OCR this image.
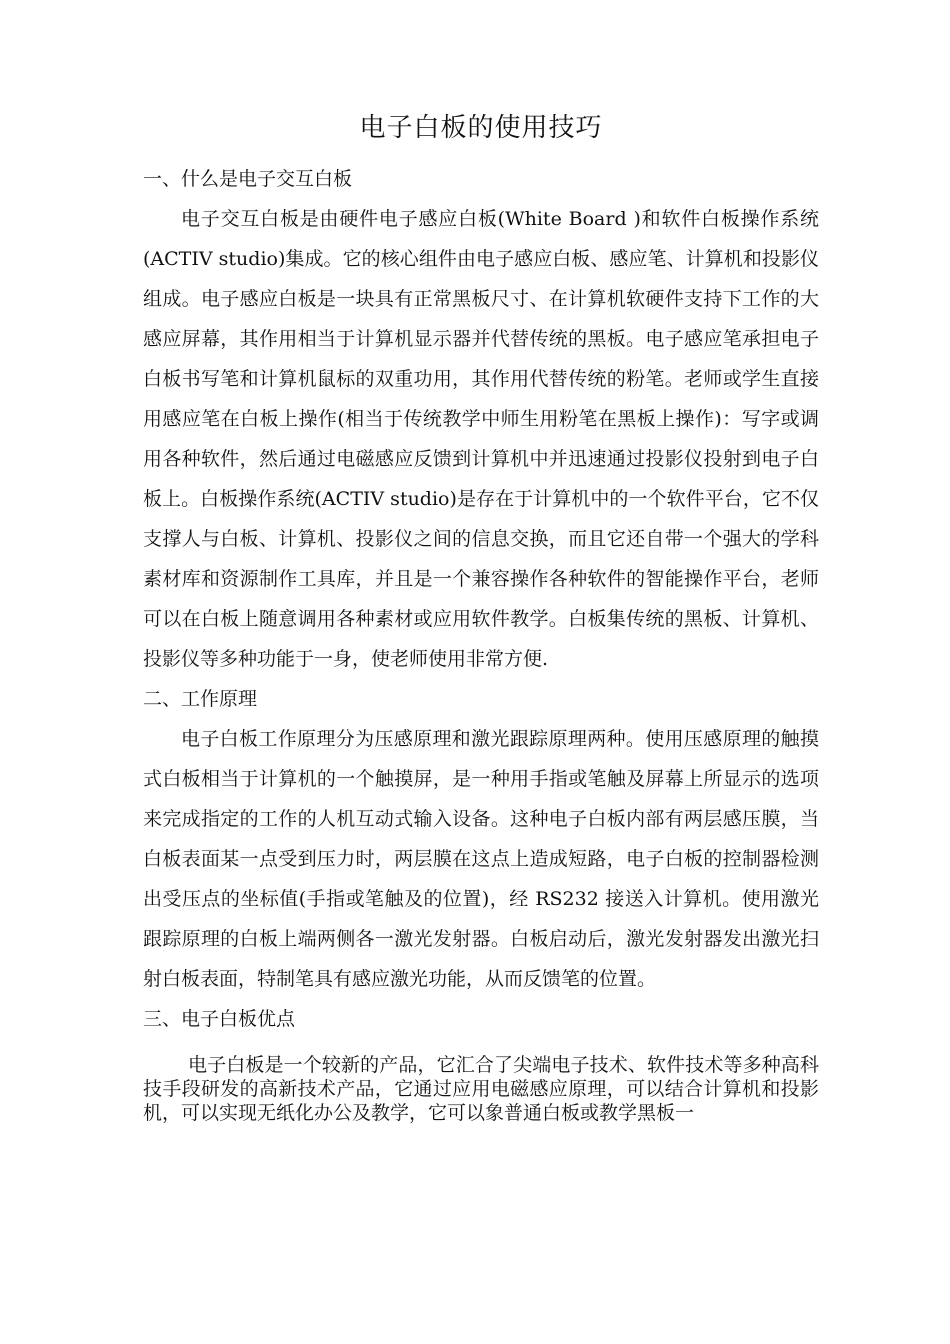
电子白板的使用技巧
一、什么是电子交互白板

电子交互白板是由硬件电子感应白板(White Board )和软件白板操作系统(ACTIV studio)集成。它的核心组件由电子感应白板、感应笔、计算机和投影仪组成。电子感应白板是一块具有正常黑板尺寸、在计算机软硬件支持下工作的大感应屏幕，其作用相当于计算机显示器并代替传统的黑板。电子感应笔承担电子白板书写笔和计算机鼠标的双重功用，其作用代替传统的粉笔。老师或学生直接用感应笔在白板上操作(相当于传统教学中师生用粉笔在黑板上操作)：写字或调用各种软件，然后通过电磁感应反馈到计算机中并迅速通过投影仪投射到电子白板上。白板操作系统(ACTIV studio)是存在于计算机中的一个软件平台，它不仅支撑人与白板、计算机、投影仪之间的信息交换，而且它还自带一个强大的学科素材库和资源制作工具库，并且是一个兼容操作各种软件的智能操作平台，老师可以在白板上随意调用各种素材或应用软件教学。白板集传统的黑板、计算机、投影仪等多种功能于一身，使老师使用非常方便.

二、工作原理

电子白板工作原理分为压感原理和激光跟踪原理两种。使用压感原理的触摸式白板相当于计算机的一个触摸屏，是一种用手指或笔触及屏幕上所显示的选项来完成指定的工作的人机互动式输入设备。这种电子白板内部有两层感压膜，当白板表面某一点受到压力时，两层膜在这点上造成短路，电子白板的控制器检测出受压点的坐标值(手指或笔触及的位置)，经 RS232 接送入计算机。使用激光跟踪原理的白板上端两侧各一激光发射器。白板启动后，激光发射器发出激光扫射白板表面，特制笔具有感应激光功能，从而反馈笔的位置。

三、电子白板优点

电子白板是一个较新的产品，它汇合了尖端电子技术、软件技术等多种高科技手段研发的高新技术产品，它通过应用电磁感应原理，可以结合计算机和投影机，可以实现无纸化办公及教学，它可以象普通白板或教学黑板一
